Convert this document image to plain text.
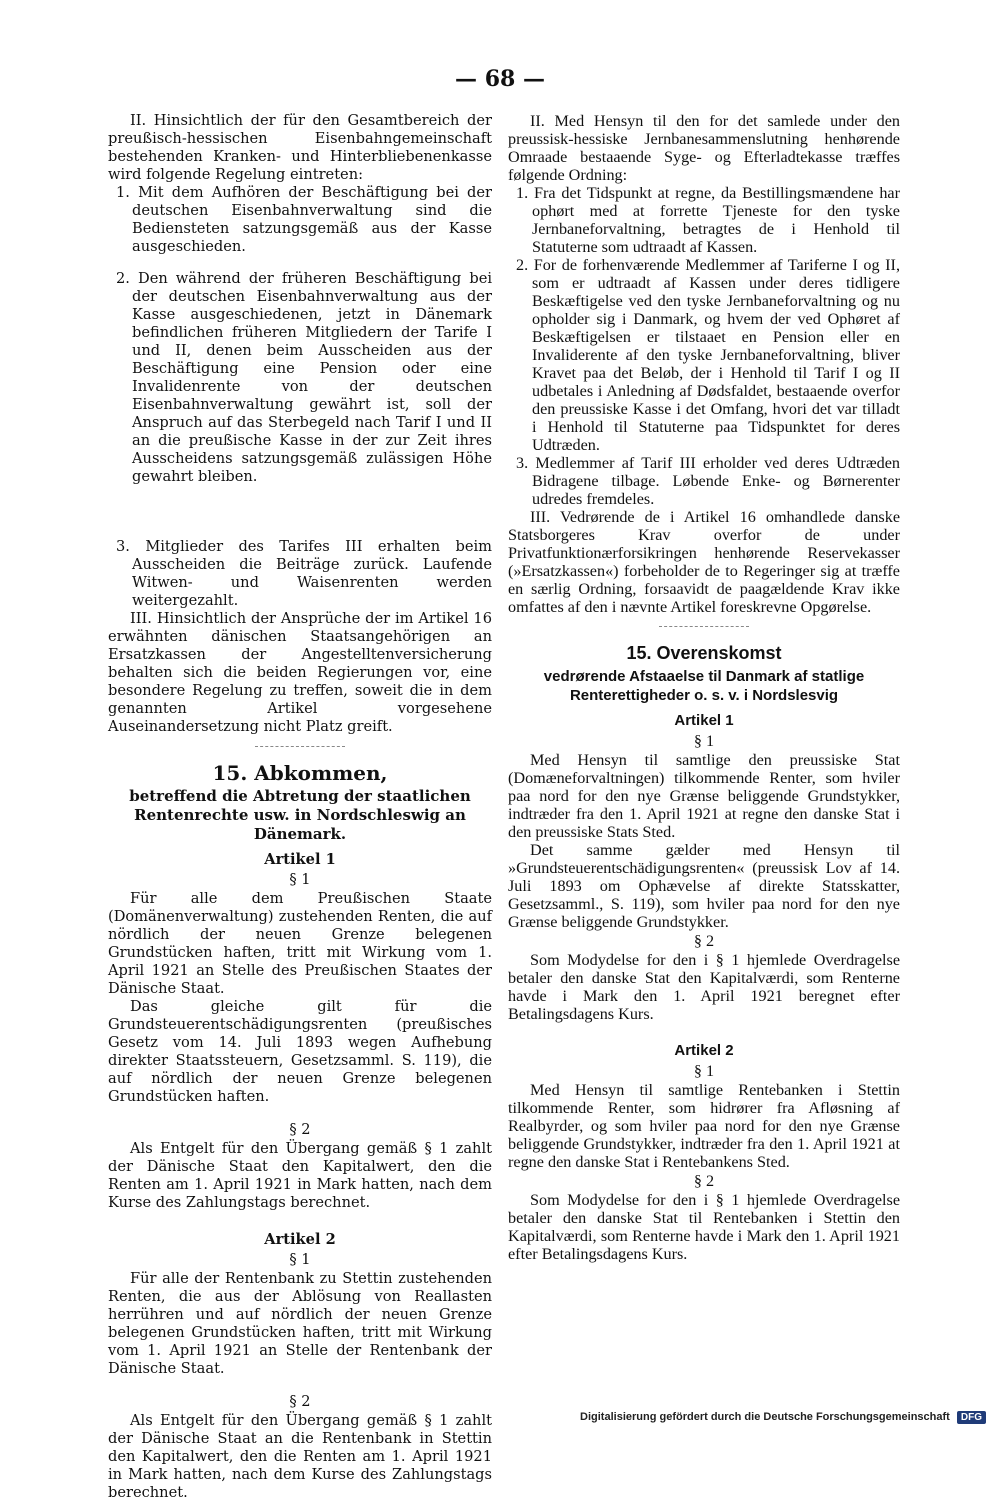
— 68 —

II. Hinsichtlich der für den Gesamtbereich der preußisch-hessischen Eisenbahngemeinschaft bestehenden Kranken- und Hinterbliebenenkasse wird folgende Regelung eintreten:

1. Mit dem Aufhören der Beschäftigung bei der deutschen Eisenbahnverwaltung sind die Bediensteten satzungsgemäß aus der Kasse ausgeschieden.

2. Den während der früheren Beschäftigung bei der deutschen Eisenbahnverwaltung aus der Kasse ausgeschiedenen, jetzt in Dänemark befindlichen früheren Mitgliedern der Tarife I und II, denen beim Ausscheiden aus der Beschäftigung eine Pension oder eine Invalidenrente von der deutschen Eisenbahnverwaltung gewährt ist, soll der Anspruch auf das Sterbegeld nach Tarif I und II an die preußische Kasse in der zur Zeit ihres Ausscheidens satzungsgemäß zulässigen Höhe gewahrt bleiben.

3. Mitglieder des Tarifes III erhalten beim Ausscheiden die Beiträge zurück. Laufende Witwen- und Waisenrenten werden weitergezahlt.

III. Hinsichtlich der Ansprüche der im Artikel 16 erwähnten dänischen Staatsangehörigen an Ersatzkassen der Angestelltenversicherung behalten sich die beiden Regierungen vor, eine besondere Regelung zu treffen, soweit die in dem genannten Artikel vorgesehene Auseinandersetzung nicht Platz greift.

15. Abkommen,

betreffend die Abtretung der staatlichen Rentenrechte usw. in Nordschleswig an Dänemark.

Artikel 1

§ 1

Für alle dem Preußischen Staate (Domänenverwaltung) zustehenden Renten, die auf nördlich der neuen Grenze belegenen Grundstücken haften, tritt mit Wirkung vom 1. April 1921 an Stelle des Preußischen Staates der Dänische Staat.

Das gleiche gilt für die Grundsteuerentschädigungsrenten (preußisches Gesetz vom 14. Juli 1893 wegen Aufhebung direkter Staatssteuern, Gesetzsamml. S. 119), die auf nördlich der neuen Grenze belegenen Grundstücken haften.

§ 2

Als Entgelt für den Übergang gemäß § 1 zahlt der Dänische Staat den Kapitalwert, den die Renten am 1. April 1921 in Mark hatten, nach dem Kurse des Zahlungstags berechnet.

Artikel 2

§ 1

Für alle der Rentenbank zu Stettin zustehenden Renten, die aus der Ablösung von Reallasten herrühren und auf nördlich der neuen Grenze belegenen Grundstücken haften, tritt mit Wirkung vom 1. April 1921 an Stelle der Rentenbank der Dänische Staat.

§ 2

Als Entgelt für den Übergang gemäß § 1 zahlt der Dänische Staat an die Rentenbank in Stettin den Kapitalwert, den die Renten am 1. April 1921 in Mark hatten, nach dem Kurse des Zahlungstags berechnet.

II. Med Hensyn til den for det samlede under den preussisk-hessiske Jernbanesammenslutning henhørende Omraade bestaaende Syge- og Efterladtekasse træffes følgende Ordning:

1. Fra det Tidspunkt at regne, da Bestillingsmændene har ophørt med at forrette Tjeneste for den tyske Jernbaneforvaltning, betragtes de i Henhold til Statuterne som udtraadt af Kassen.

2. For de forhenværende Medlemmer af Tariferne I og II, som er udtraadt af Kassen under deres tidligere Beskæftigelse ved den tyske Jernbaneforvaltning og nu opholder sig i Danmark, og hvem der ved Ophøret af Beskæftigelsen er tilstaaet en Pension eller en Invaliderente af den tyske Jernbaneforvaltning, bliver Kravet paa det Beløb, der i Henhold til Tarif I og II udbetales i Anledning af Dødsfaldet, bestaaende overfor den preussiske Kasse i det Omfang, hvori det var tilladt i Henhold til Statuterne paa Tidspunktet for deres Udtræden.

3. Medlemmer af Tarif III erholder ved deres Udtræden Bidragene tilbage. Løbende Enke- og Børnerenter udredes fremdeles.

III. Vedrørende de i Artikel 16 omhandlede danske Statsborgeres Krav overfor de under Privatfunktionærforsikringen henhørende Reservekasser (»Ersatzkassen«) forbeholder de to Regeringer sig at træffe en særlig Ordning, forsaavidt de paagældende Krav ikke omfattes af den i nævnte Artikel foreskrevne Opgørelse.

15. Overenskomst

vedrørende Afstaaelse til Danmark af statlige Renterettigheder o. s. v. i Nordslesvig

Artikel 1

§ 1

Med Hensyn til samtlige den preussiske Stat (Domæneforvaltningen) tilkommende Renter, som hviler paa nord for den nye Grænse beliggende Grundstykker, indtræder fra den 1. April 1921 at regne den danske Stat i den preussiske Stats Sted.

Det samme gælder med Hensyn til »Grundsteuerentschädigungsrenten« (preussisk Lov af 14. Juli 1893 om Ophævelse af direkte Statsskatter, Gesetzsamml., S. 119), som hviler paa nord for den nye Grænse beliggende Grundstykker.

§ 2

Som Modydelse for den i § 1 hjemlede Overdragelse betaler den danske Stat den Kapitalværdi, som Renterne havde i Mark den 1. April 1921 beregnet efter Betalingsdagens Kurs.

Artikel 2

§ 1

Med Hensyn til samtlige Rentebanken i Stettin tilkommende Renter, som hidrører fra Afløsning af Realbyrder, og som hviler paa nord for den nye Grænse beliggende Grundstykker, indtræder fra den 1. April 1921 at regne den danske Stat i Rentebankens Sted.

§ 2

Som Modydelse for den i § 1 hjemlede Overdragelse betaler den danske Stat til Rentebanken i Stettin den Kapitalværdi, som Renterne havde i Mark den 1. April 1921 efter Betalingsdagens Kurs.

Digitalisierung gefördert durch die Deutsche Forschungsgemeinschaft DFG
